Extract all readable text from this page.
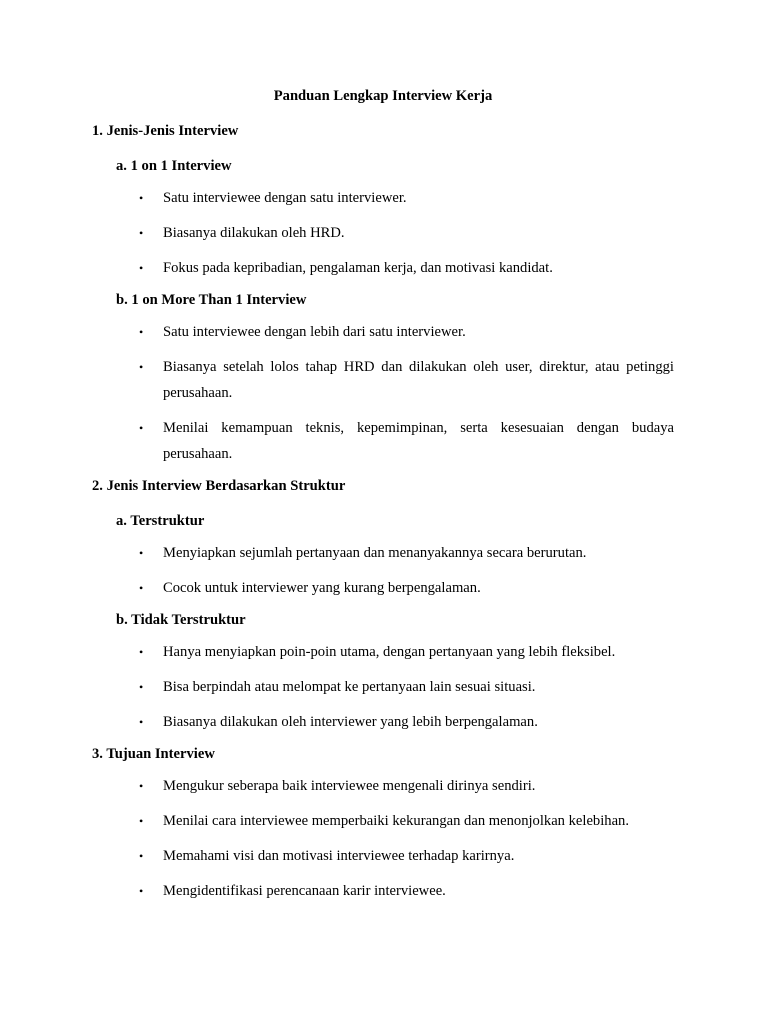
Panduan Lengkap Interview Kerja

1. Jenis-Jenis Interview

a. 1 on 1 Interview

• Satu interviewee dengan satu interviewer.
• Biasanya dilakukan oleh HRD.
• Fokus pada kepribadian, pengalaman kerja, dan motivasi kandidat.

b. 1 on More Than 1 Interview

• Satu interviewee dengan lebih dari satu interviewer.
• Biasanya setelah lolos tahap HRD dan dilakukan oleh user, direktur, atau petinggi perusahaan.
• Menilai kemampuan teknis, kepemimpinan, serta kesesuaian dengan budaya perusahaan.

2. Jenis Interview Berdasarkan Struktur

a. Terstruktur

• Menyiapkan sejumlah pertanyaan dan menanyakannya secara berurutan.
• Cocok untuk interviewer yang kurang berpengalaman.

b. Tidak Terstruktur

• Hanya menyiapkan poin-poin utama, dengan pertanyaan yang lebih fleksibel.
• Bisa berpindah atau melompat ke pertanyaan lain sesuai situasi.
• Biasanya dilakukan oleh interviewer yang lebih berpengalaman.

3. Tujuan Interview

• Mengukur seberapa baik interviewee mengenali dirinya sendiri.
• Menilai cara interviewee memperbaiki kekurangan dan menonjolkan kelebihan.
• Memahami visi dan motivasi interviewee terhadap karirnya.
• Mengidentifikasi perencanaan karir interviewee.
